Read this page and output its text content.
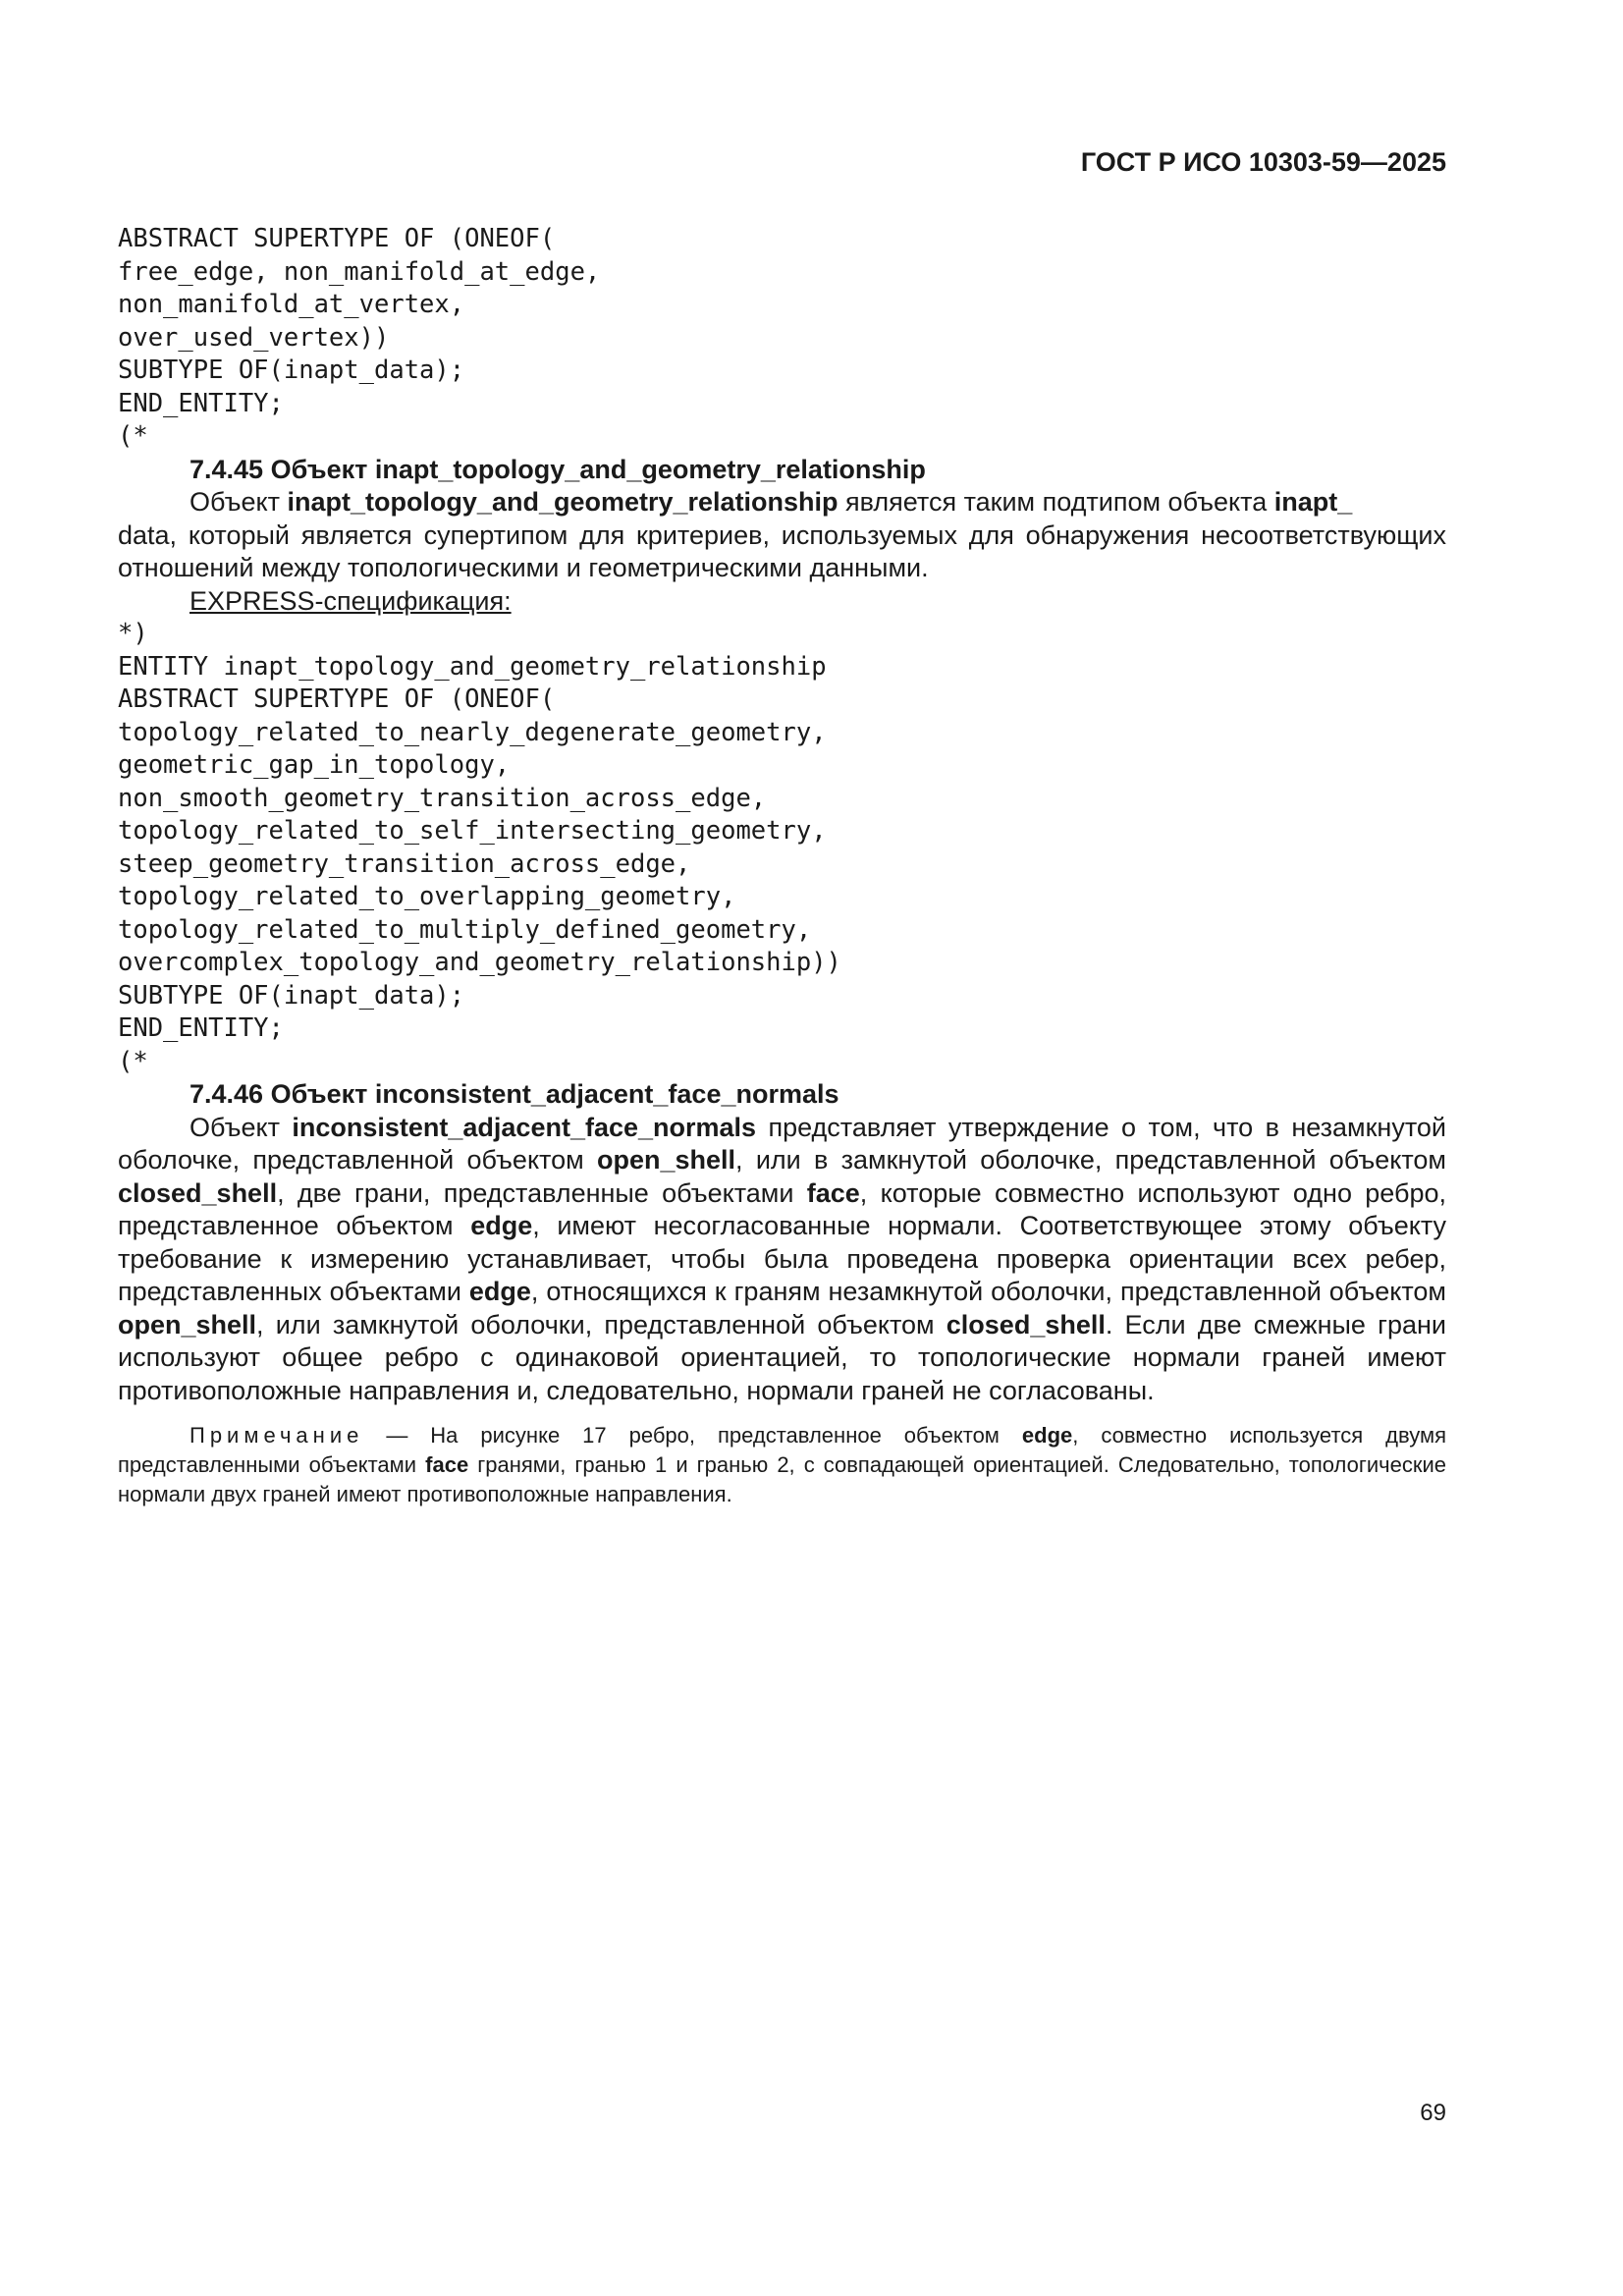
ГОСТ Р ИСО 10303-59—2025
ABSTRACT SUPERTYPE OF (ONEOF(
free_edge, non_manifold_at_edge,
non_manifold_at_vertex,
over_used_vertex))
SUBTYPE OF(inapt_data);
END_ENTITY;
(*

7.4.45 Объект inapt_topology_and_geometry_relationship

Объект inapt_topology_and_geometry_relationship является таким подтипом объекта inapt_
data, который является супертипом для критериев, используемых для обнаружения несоответствующих отношений между топологическими и геометрическими данными.

EXPRESS-спецификация:

*)
ENTITY inapt_topology_and_geometry_relationship
ABSTRACT SUPERTYPE OF (ONEOF(
topology_related_to_nearly_degenerate_geometry,
geometric_gap_in_topology,
non_smooth_geometry_transition_across_edge,
topology_related_to_self_intersecting_geometry,
steep_geometry_transition_across_edge,
topology_related_to_overlapping_geometry,
topology_related_to_multiply_defined_geometry,
overcomplex_topology_and_geometry_relationship))
SUBTYPE OF(inapt_data);
END_ENTITY;
(*

7.4.46 Объект inconsistent_adjacent_face_normals

Объект inconsistent_adjacent_face_normals представляет утверждение о том, что в незамкнутой оболочке, представленной объектом open_shell, или в замкнутой оболочке, представленной объектом closed_shell, две грани, представленные объектами face, которые совместно используют одно ребро, представленное объектом edge, имеют несогласованные нормали. Соответствующее этому объекту требование к измерению устанавливает, чтобы была проведена проверка ориентации всех ребер, представленных объектами edge, относящихся к граням незамкнутой оболочки, представленной объектом open_shell, или замкнутой оболочки, представленной объектом closed_shell. Если две смежные грани используют общее ребро с одинаковой ориентацией, то топологические нормали граней имеют противоположные направления и, следовательно, нормали граней не согласованы.

Примечание — На рисунке 17 ребро, представленное объектом edge, совместно используется двумя представленными объектами face гранями, гранью 1 и гранью 2, с совпадающей ориентацией. Следовательно, топологические нормали двух граней имеют противоположные направления.

69
